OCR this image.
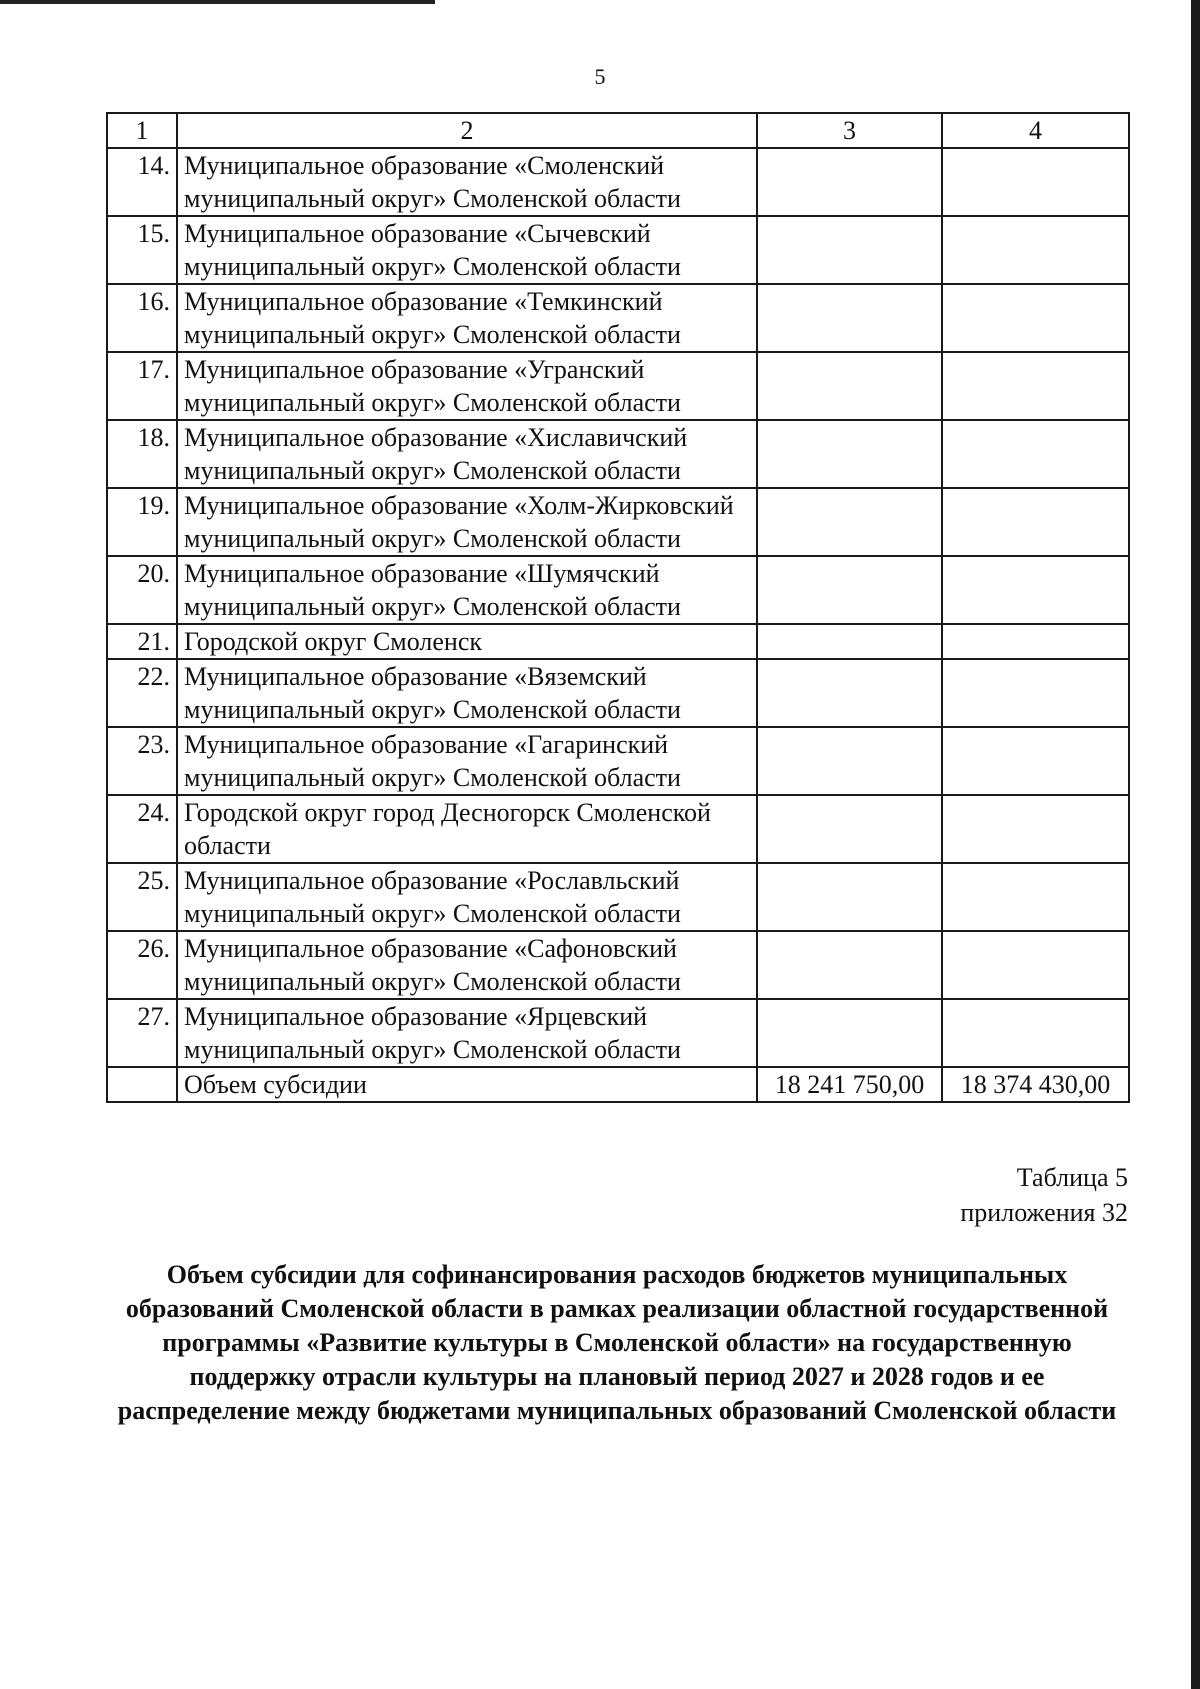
5
1	2	3	4
14.	Муниципальное образование «Смоленский муниципальный округ» Смоленской области		
15.	Муниципальное образование «Сычевский муниципальный округ» Смоленской области		
16.	Муниципальное образование «Темкинский муниципальный округ» Смоленской области		
17.	Муниципальное образование «Угранский муниципальный округ» Смоленской области		
18.	Муниципальное образование «Хиславичский муниципальный округ» Смоленской области		
19.	Муниципальное образование «Холм-Жирковский муниципальный округ» Смоленской области		
20.	Муниципальное образование «Шумячский муниципальный округ» Смоленской области		
21.	Городской округ Смоленск		
22.	Муниципальное образование «Вяземский муниципальный округ» Смоленской области		
23.	Муниципальное образование «Гагаринский муниципальный округ» Смоленской области		
24.	Городской округ город Десногорск Смоленской области		
25.	Муниципальное образование «Рославльский муниципальный округ» Смоленской области		
26.	Муниципальное образование «Сафоновский муниципальный округ» Смоленской области		
27.	Муниципальное образование «Ярцевский муниципальный округ» Смоленской области		
	Объем субсидии	18 241 750,00	18 374 430,00
Таблица 5
приложения 32
Объем субсидии для софинансирования расходов бюджетов муниципальных образований Смоленской области в рамках реализации областной государственной программы «Развитие культуры в Смоленской области» на государственную поддержку отрасли культуры на плановый период 2027 и 2028 годов и ее распределение между бюджетами муниципальных образований Смоленской области
